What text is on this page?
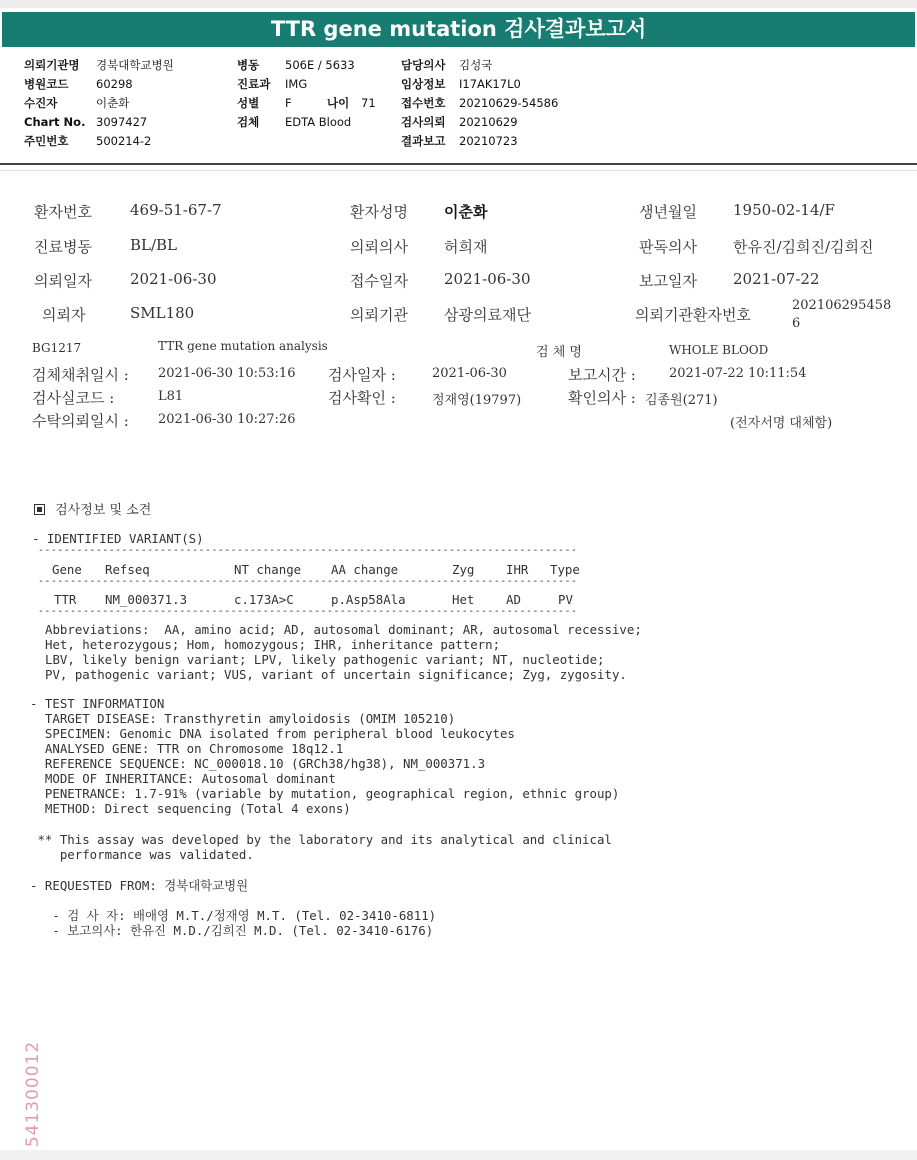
TTR gene mutation 검사결과보고서
의뢰기관명 경북대학교병원
병원코드 60298
수진자	이춘화
Chart No. 3097427
주민번호 500214-2
병동 506E / 5633
진료과 IMG
성별 F	나이 71
검체 EDTA Blood
담당의사 김성국
임상정보 I17AK17L0
접수번호 20210629-54586
검사의뢰 20210629
결과보고 20210723
환자번호	469-51-67-7	환자성명 이춘화	생년월일 1950-02-14/F
진료병동	BL/BL	의뢰의사 허희재	판독의사 한유진/김희진/김희진
의뢰일자	2021-06-30	접수일자 2021-06-30	보고일자 2021-07-22
의뢰자	SML180	의뢰기관 삼광의료재단	의뢰기관환자번호
202106295458
6
BG1217	TTR gene mutation analysis	검 체 명	WHOLE BLOOD
검체채취일시 : 2021-06-30 10:53:16 검사일자 :	2021-06-30	보고시간 :	2021-07-22 10:11:54
검사실코드 :	L81	검사확인 :	정재영(19797)	확인의사 : 김종원(271)
수탁의뢰일시 : 2021-06-30 10:27:26	(전자서명 대체함)
검사정보 및 소견
- IDENTIFIED VARIANT(S)
------------------------------------------------------------------------------------
Gene Refseq	NT change AA change	Zyg	IHR Type
------------------------------------------------------------------------------------
TTR NM_000371.3	c.173A>C	p.Asp58Ala	Het	AD	PV
------------------------------------------------------------------------------------
Abbreviations:  AA, amino acid; AD, autosomal dominant; AR, autosomal recessive;
Het, heterozygous; Hom, homozygous; IHR, inheritance pattern;
LBV, likely benign variant; LPV, likely pathogenic variant; NT, nucleotide;
PV, pathogenic variant; VUS, variant of uncertain significance; Zyg, zygosity.
- TEST INFORMATION
TARGET DISEASE: Transthyretin amyloidosis (OMIM 105210)
SPECIMEN: Genomic DNA isolated from peripheral blood leukocytes
ANALYSED GENE: TTR on Chromosome 18q12.1
REFERENCE SEQUENCE: NC_000018.10 (GRCh38/hg38), NM_000371.3
MODE OF INHERITANCE: Autosomal dominant
PENETRANCE: 1.7-91% (variable by mutation, geographical region, ethnic group)
METHOD: Direct sequencing (Total 4 exons)
** This assay was developed by the laboratory and its analytical and clinical
performance was validated.
- REQUESTED FROM: 경북대학교병원
- 검 사 자: 배애영 M.T./정재영 M.T. (Tel. 02-3410-6811)
- 보고의사: 한유진 M.D./김희진 M.D. (Tel. 02-3410-6176)
541300012
